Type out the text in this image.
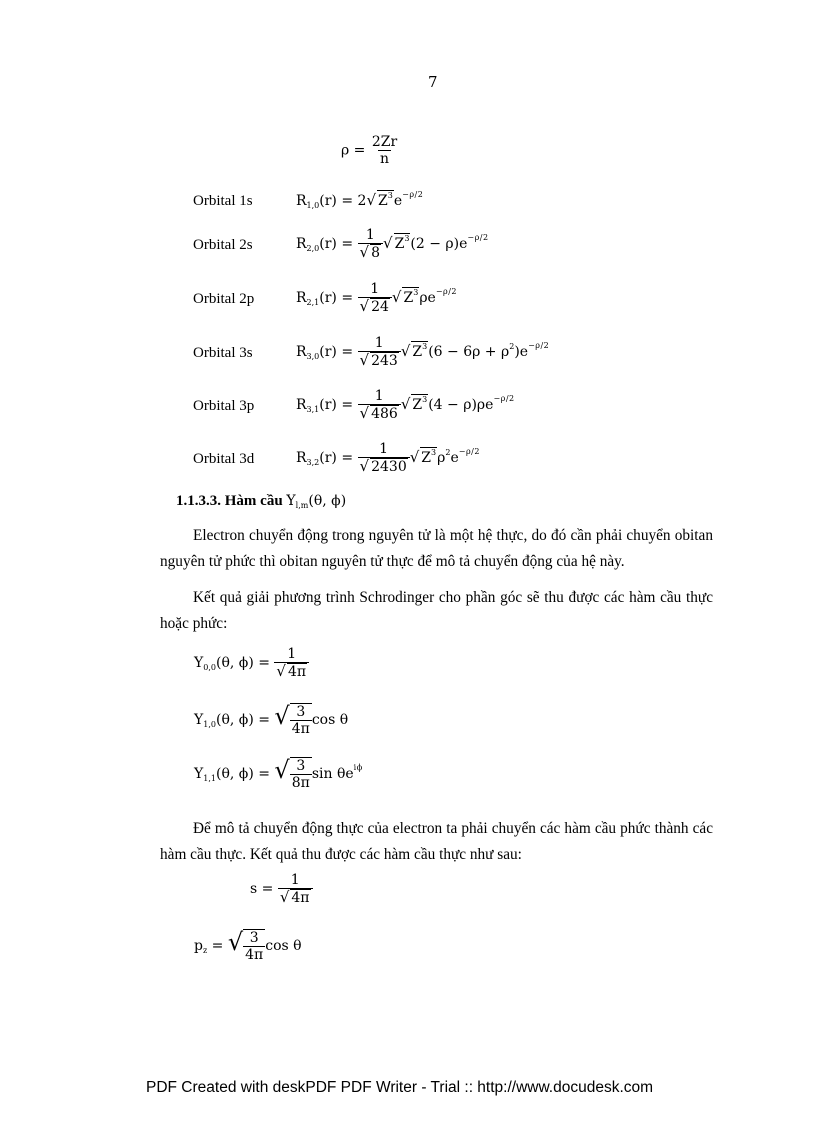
7
$\rho = \frac{2Zr}{n}$
Orbital 1s	$R_{1,0}(r) = 2√$ $Z^3e^{-\rho/2}$
Orbital 2s	$R_{2,0}(r) = \frac{1}{√ 8}$ √ $Z^3(2 - \rho)e^{-\rho/2}$
Orbital 2p	$R_{2,1}(r) = \frac{1}{√ 24}$ √ $Z^3\rho e^{-\rho/2}$
Orbital 3s	$R_{3,0}(r) = \frac{1}{√ 243}$ √ $Z^3(6 - 6\rho + \rho^2)e^{-\rho/2}$
Orbital 3p	$R_{3,1}(r) = \frac{1}{√ 486}$ √ $Z^3(4 - \rho)\rho e^{-\rho/2}$
Orbital 3d	$R_{3,2}(r) = \frac{1}{√ 2430}$ √ $Z^3\rho^2e^{-\rho/2}$
1.1.3.3. Hàm cầu $Y_{l,m}(\theta$, ϕ)
Electron chuyển động trong nguyên tử là một hệ thực, do đó cần phải chuyển obitan nguyên tử phức thì obitan nguyên tử thực để mô tả chuyển động của hệ này.
Kết quả giải phương trình Schrodinger cho phần góc sẽ thu được các hàm cầu thực hoặc phức:
$Y_{0,0}(\theta$, $\phi) = \frac{1}{√ 4\pi}$
$Y_{1,0}(\theta$, ϕ) = √ $\frac{3}{4\pi}$ cos θ
$Y_{1,1}(\theta$, ϕ) = √ $\frac{3}{8\pi}$ $\sin \theta e^{i\phi}$
Để mô tả chuyển động thực của electron ta phải chuyển các hàm cầu phức thành các hàm cầu thực. Kết quả thu được các hàm cầu thực như sau:
$s = \frac{1}{√ 4\pi}$
$p_z$ = √ $\frac{3}{4\pi}$ cos θ
PDF Created with deskPDF PDF Writer - Trial :: http://www.docudesk.com
